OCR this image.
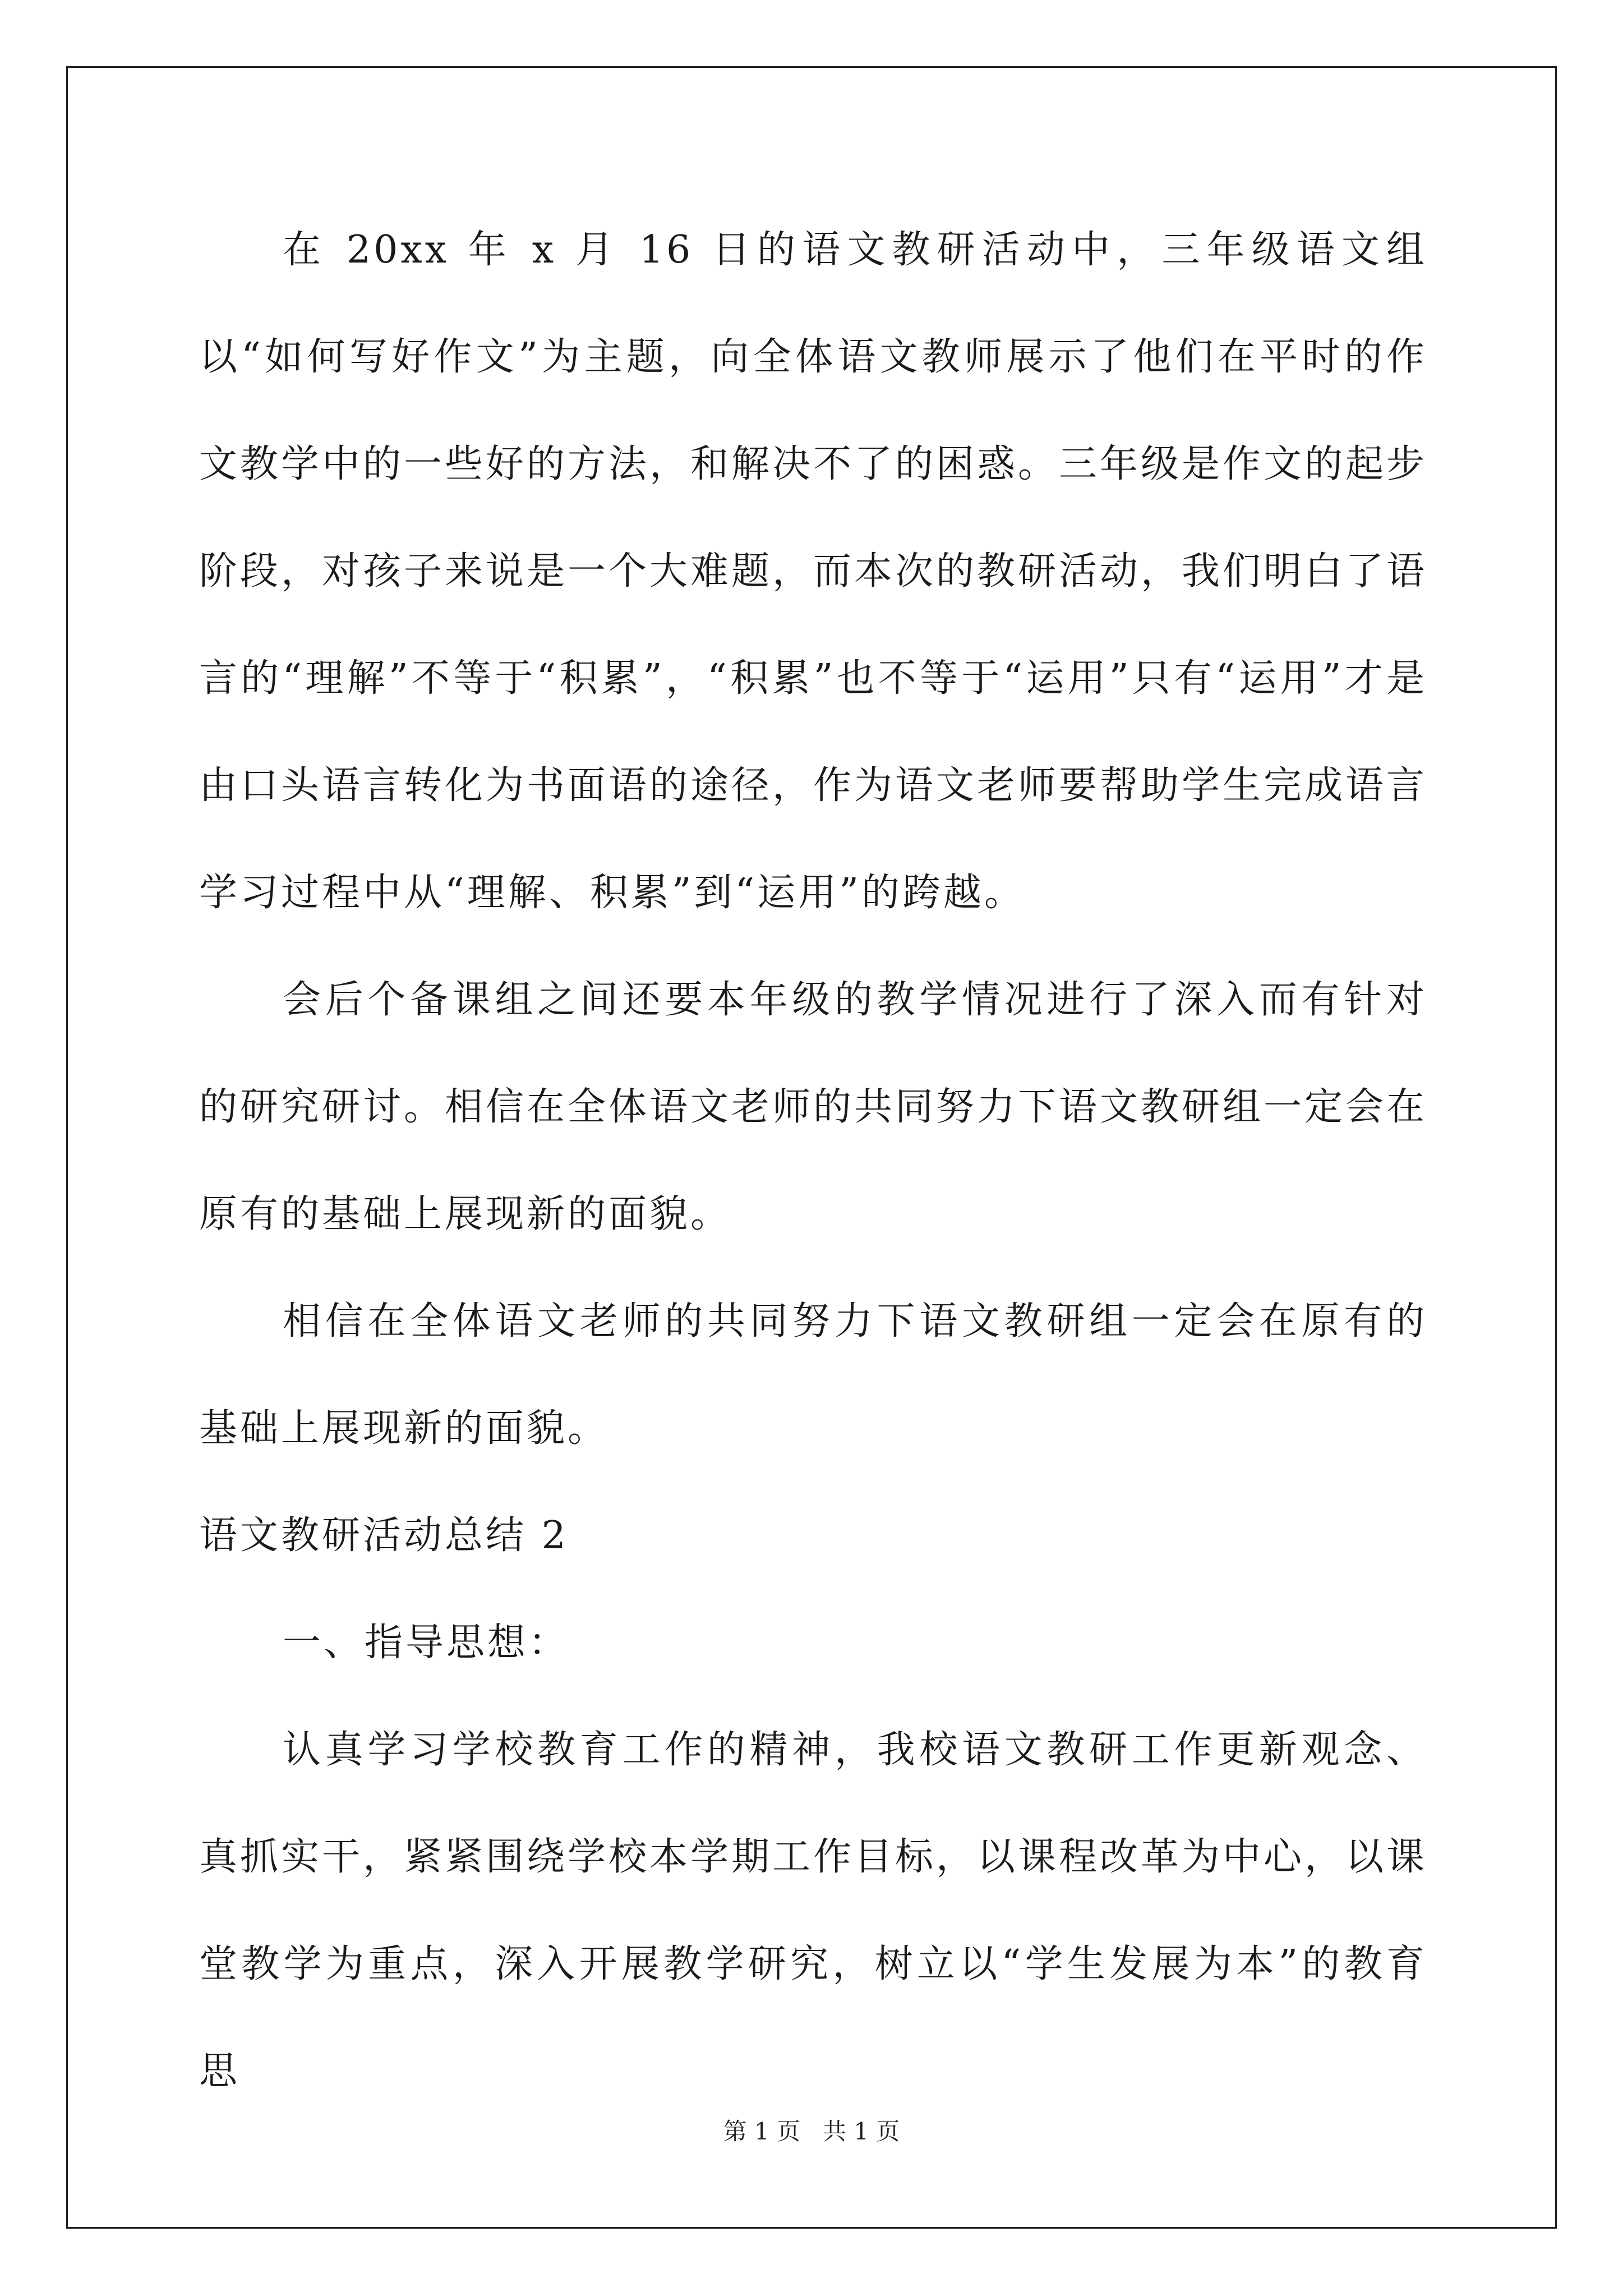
在 20xx 年 x 月 16 日的语文教研活动中，三年级语文组以“如何写好作文”为主题，向全体语文教师展示了他们在平时的作文教学中的一些好的方法，和解决不了的困惑。三年级是作文的起步阶段，对孩子来说是一个大难题，而本次的教研活动，我们明白了语言的“理解”不等于“积累”，“积累”也不等于“运用”只有“运用”才是由口头语言转化为书面语的途径，作为语文老师要帮助学生完成语言学习过程中从“理解、积累”到“运用”的跨越。

会后个备课组之间还要本年级的教学情况进行了深入而有针对的研究研讨。相信在全体语文老师的共同努力下语文教研组一定会在原有的基础上展现新的面貌。

相信在全体语文老师的共同努力下语文教研组一定会在原有的基础上展现新的面貌。

语文教研活动总结 2

一、指导思想：

认真学习学校教育工作的精神，我校语文教研工作更新观念、真抓实干，紧紧围绕学校本学期工作目标，以课程改革为中心，以课堂教学为重点，深入开展教学研究，树立以“学生发展为本”的教育思

第 1 页 共 1 页
